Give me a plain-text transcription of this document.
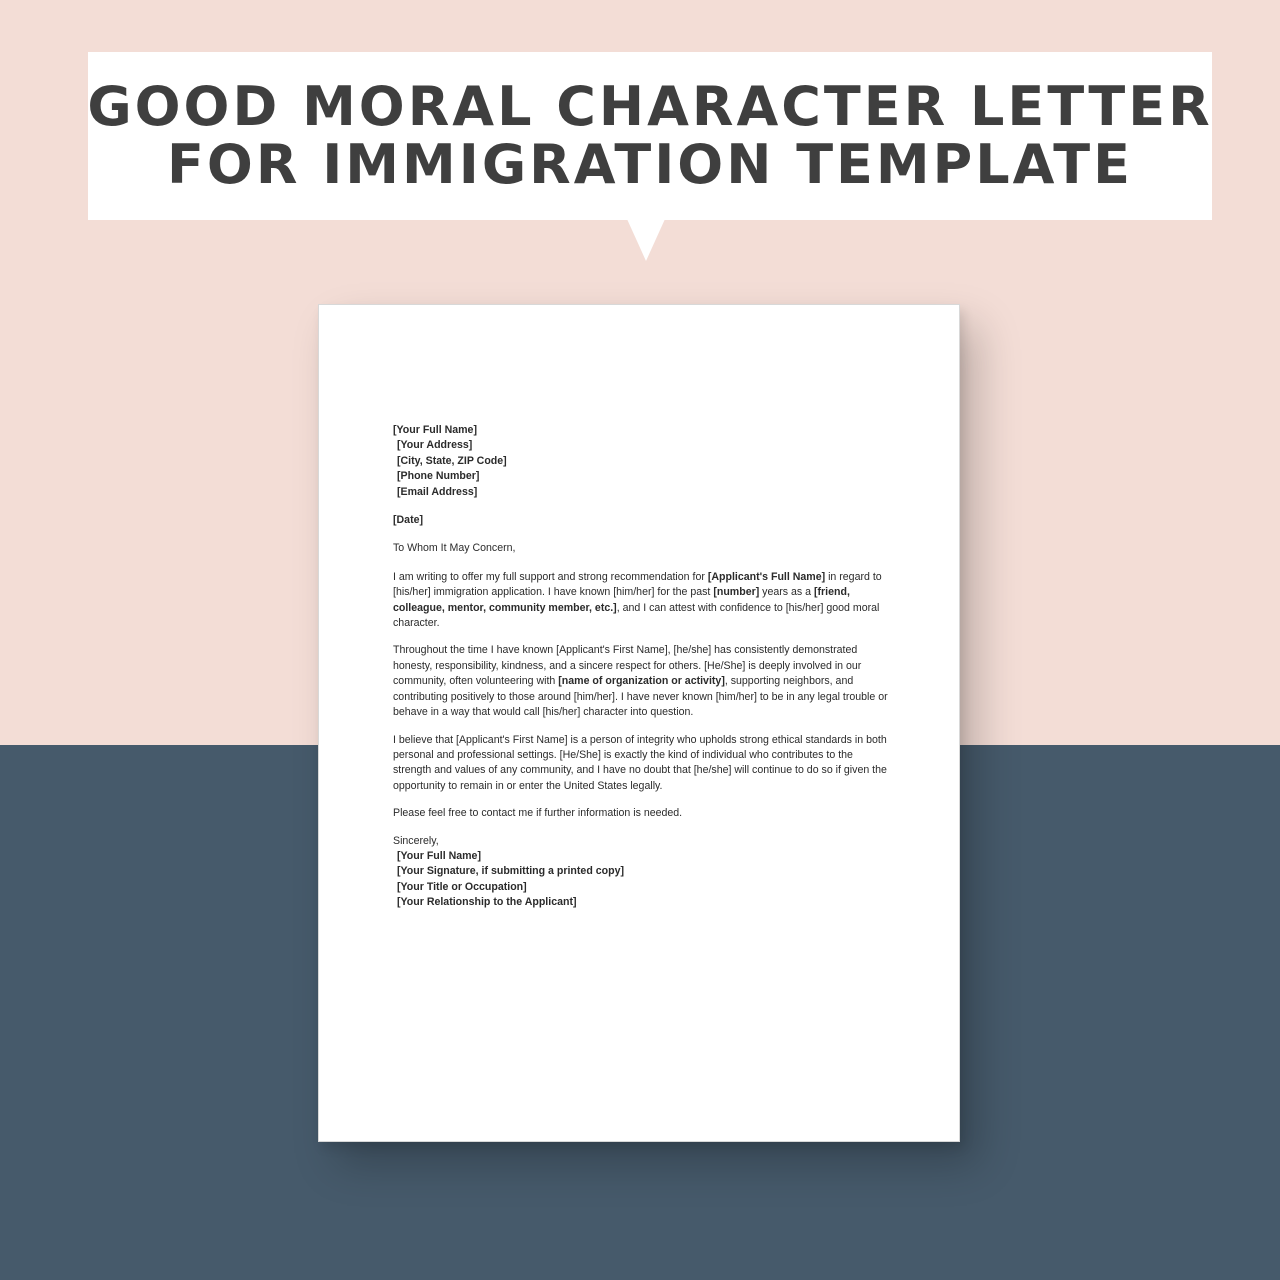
GOOD MORAL CHARACTER LETTER
FOR IMMIGRATION TEMPLATE
[Your Full Name]
[Your Address]
[City, State, ZIP Code]
[Phone Number]
[Email Address]
[Date]
To Whom It May Concern,
I am writing to offer my full support and strong recommendation for [Applicant's Full Name] in regard to [his/her] immigration application. I have known [him/her] for the past [number] years as a [friend, colleague, mentor, community member, etc.], and I can attest with confidence to [his/her] good moral character.
Throughout the time I have known [Applicant's First Name], [he/she] has consistently demonstrated honesty, responsibility, kindness, and a sincere respect for others. [He/She] is deeply involved in our community, often volunteering with [name of organization or activity], supporting neighbors, and contributing positively to those around [him/her]. I have never known [him/her] to be in any legal trouble or behave in a way that would call [his/her] character into question.
I believe that [Applicant's First Name] is a person of integrity who upholds strong ethical standards in both personal and professional settings. [He/She] is exactly the kind of individual who contributes to the strength and values of any community, and I have no doubt that [he/she] will continue to do so if given the opportunity to remain in or enter the United States legally.
Please feel free to contact me if further information is needed.
Sincerely,
[Your Full Name]
[Your Signature, if submitting a printed copy]
[Your Title or Occupation]
[Your Relationship to the Applicant]
